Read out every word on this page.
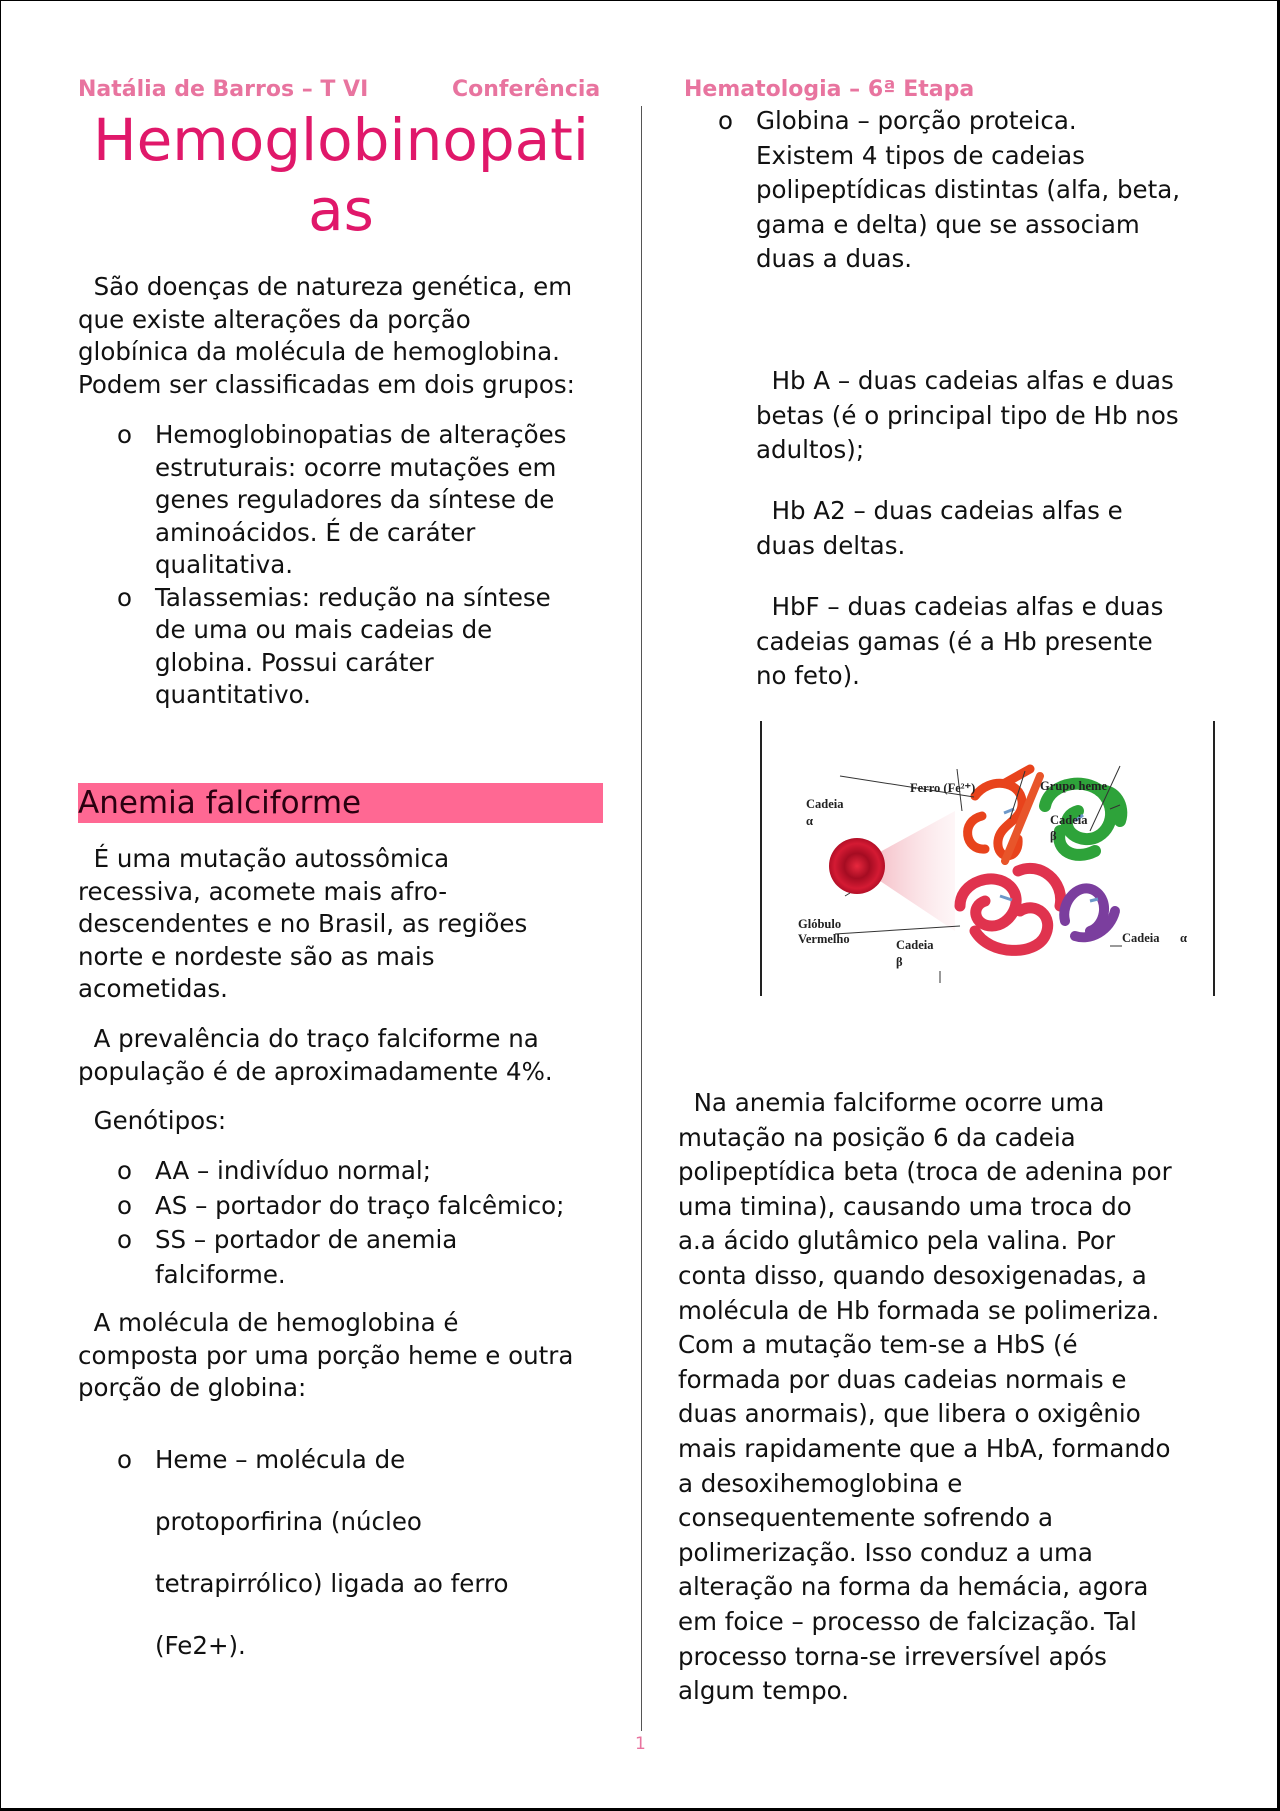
Natália de Barros – T VI	Conferência	Hematologia – 6ª Etapa
Hemoglobinopati
as

São doenças de natureza genética, em

que existe alterações da porção

globínica da molécula de hemoglobina.

Podem ser classificadas em dois grupos:

o Hemoglobinopatias de alterações
estruturais: ocorre mutações em
genes reguladores da síntese de
aminoácidos. É de caráter
qualitativa.
o Talassemias: redução na síntese
de uma ou mais cadeias de
globina. Possui caráter
quantitativo.
Anemia falciforme

É uma mutação autossômica

recessiva, acomete mais afro-

descendentes e no Brasil, as regiões

norte e nordeste são as mais

acometidas.

A prevalência do traço falciforme na

população é de aproximadamente 4%.

Genótipos:

o AA – indivíduo normal;
o AS – portador do traço falcêmico;
o SS – portador de anemia
falciforme.

A molécula de hemoglobina é

composta por uma porção heme e outra

porção de globina:

o Heme – molécula de
protoporfirina (núcleo
tetrapirrólico) ligada ao ferro
(Fe2+).
o Globina – porção proteica.
Existem 4 tipos de cadeias
polipeptídicas distintas (alfa, beta,
gama e delta) que se associam
duas a duas.

Hb A – duas cadeias alfas e duas

betas (é o principal tipo de Hb nos

adultos);

Hb A2 – duas cadeias alfas e

duas deltas.

HbF – duas cadeias alfas e duas

cadeias gamas (é a Hb presente

no feto).

Ferro (Fe²⁺)	Grupo heme
Cadeia
α	Cadeia
β
Glóbulo
Vermelho	Cadeia
β
Cadeia α

Na anemia falciforme ocorre uma

mutação na posição 6 da cadeia

polipeptídica beta (troca de adenina por

uma timina), causando uma troca do

a.a ácido glutâmico pela valina. Por

conta disso, quando desoxigenadas, a

molécula de Hb formada se polimeriza.

Com a mutação tem-se a HbS (é

formada por duas cadeias normais e

duas anormais), que libera o oxigênio

mais rapidamente que a HbA, formando

a desoxihemoglobina e

consequentemente sofrendo a

polimerização. Isso conduz a uma

alteração na forma da hemácia, agora

em foice – processo de falcização. Tal

processo torna-se irreversível após

algum tempo.

1
